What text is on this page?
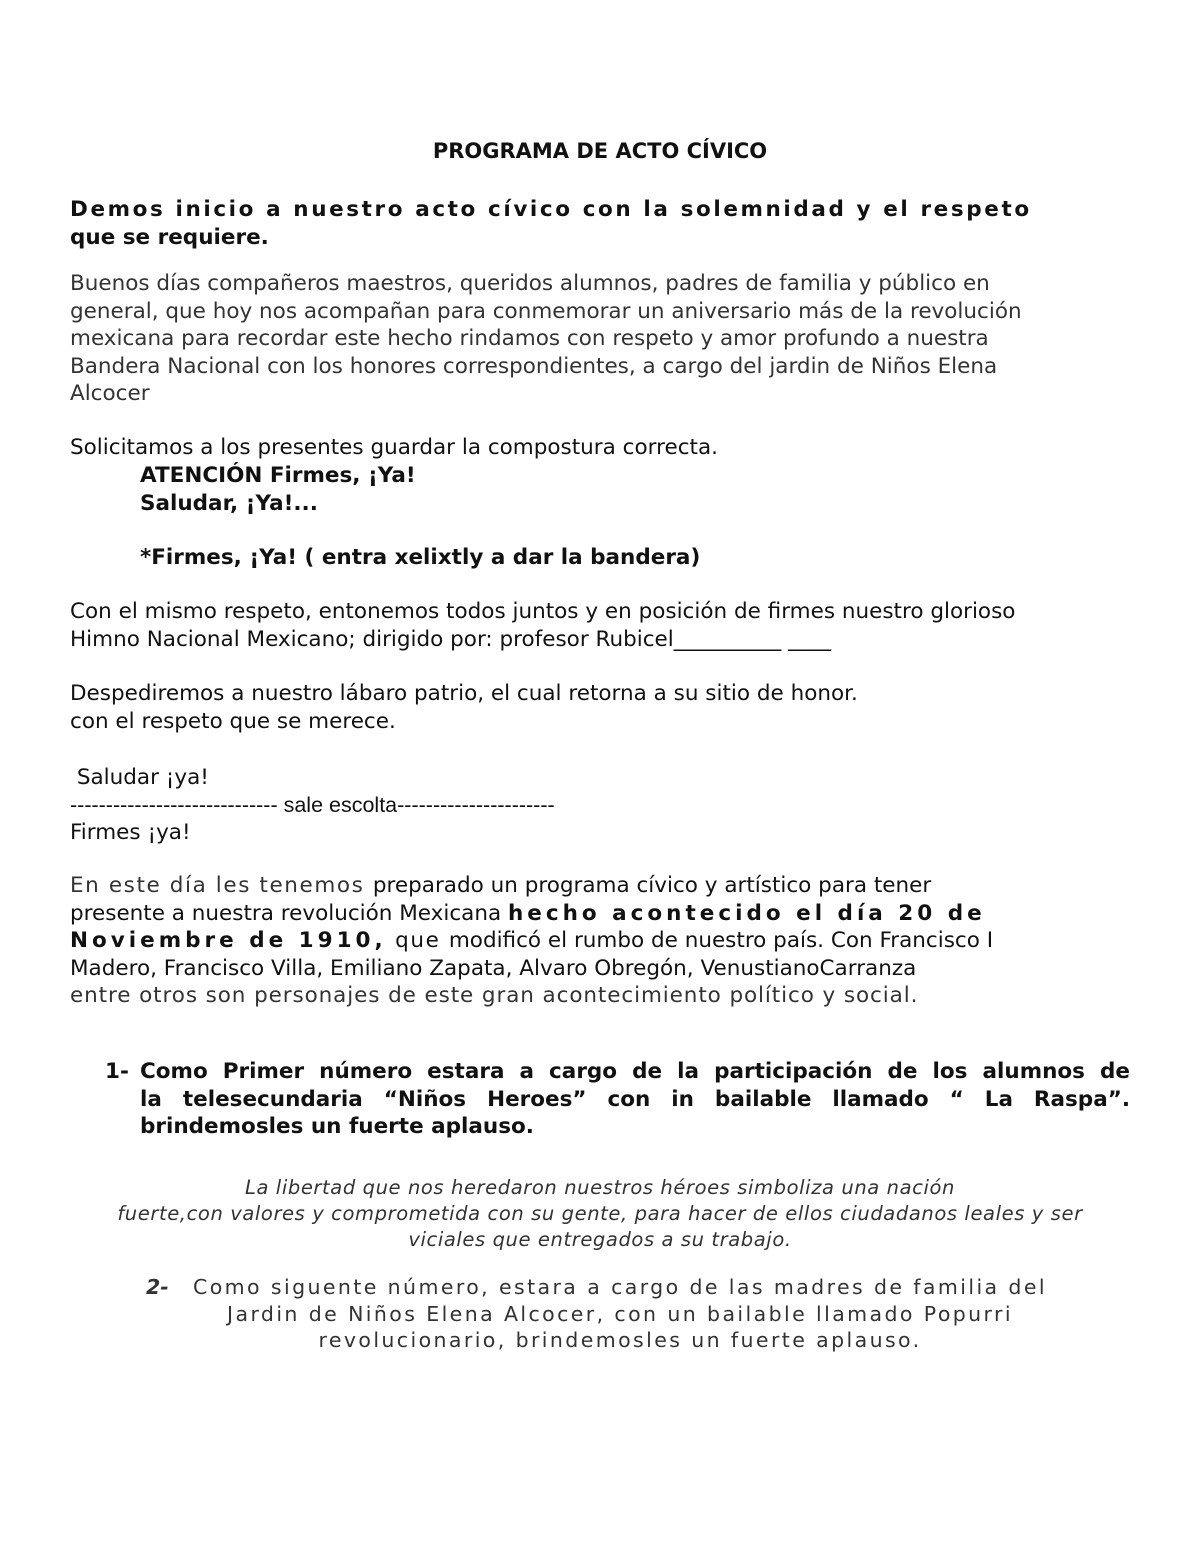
PROGRAMA DE ACTO CÍVICO
Demos inicio a nuestro acto cívico con la solemnidad y el respeto
que se requiere.
Buenos días compañeros maestros, queridos alumnos, padres de familia y público en
general, que hoy nos acompañan para conmemorar un aniversario más de la revolución
mexicana para recordar este hecho rindamos con respeto y amor profundo a nuestra
Bandera Nacional con los honores correspondientes, a cargo del jardin de Niños Elena
Alcocer
Solicitamos a los presentes guardar la compostura correcta.
ATENCIÓN Firmes, ¡Ya!
Saludar, ¡Ya!...
*Firmes, ¡Ya! ( entra xelixtly a dar la bandera)
Con el mismo respeto, entonemos todos juntos y en posición de firmes nuestro glorioso
Himno Nacional Mexicano; dirigido por: profesor Rubicel__________ ____
Despediremos a nuestro lábaro patrio, el cual retorna a su sitio de honor.
con el respeto que se merece.
Saludar ¡ya!
----------------------------- sale escolta----------------------
Firmes ¡ya!
En este día les tenemos preparado un programa cívico y artístico para tener
presente a nuestra revolución Mexicana hecho acontecido el día 20 de
Noviembre de 1910, que modificó el rumbo de nuestro país. Con Francisco I
Madero, Francisco Villa, Emiliano Zapata, Alvaro Obregón, VenustianoCarranza
entre otros son personajes de este gran acontecimiento político y social.
1- Como Primer número estara a cargo de la participación de los alumnos de
la telesecundaria “Niños Heroes” con in bailable llamado “ La Raspa”.
brindemosles un fuerte aplauso.
La libertad que nos heredaron nuestros héroes simboliza una nación
fuerte,con valores y comprometida con su gente, para hacer de ellos ciudadanos leales y ser
viciales que entregados a su trabajo.
2-	Como siguente número, estara a cargo de las madres de familia del
Jardin de Niños Elena Alcocer, con un bailable llamado Popurri
revolucionario, brindemosles un fuerte aplauso.
